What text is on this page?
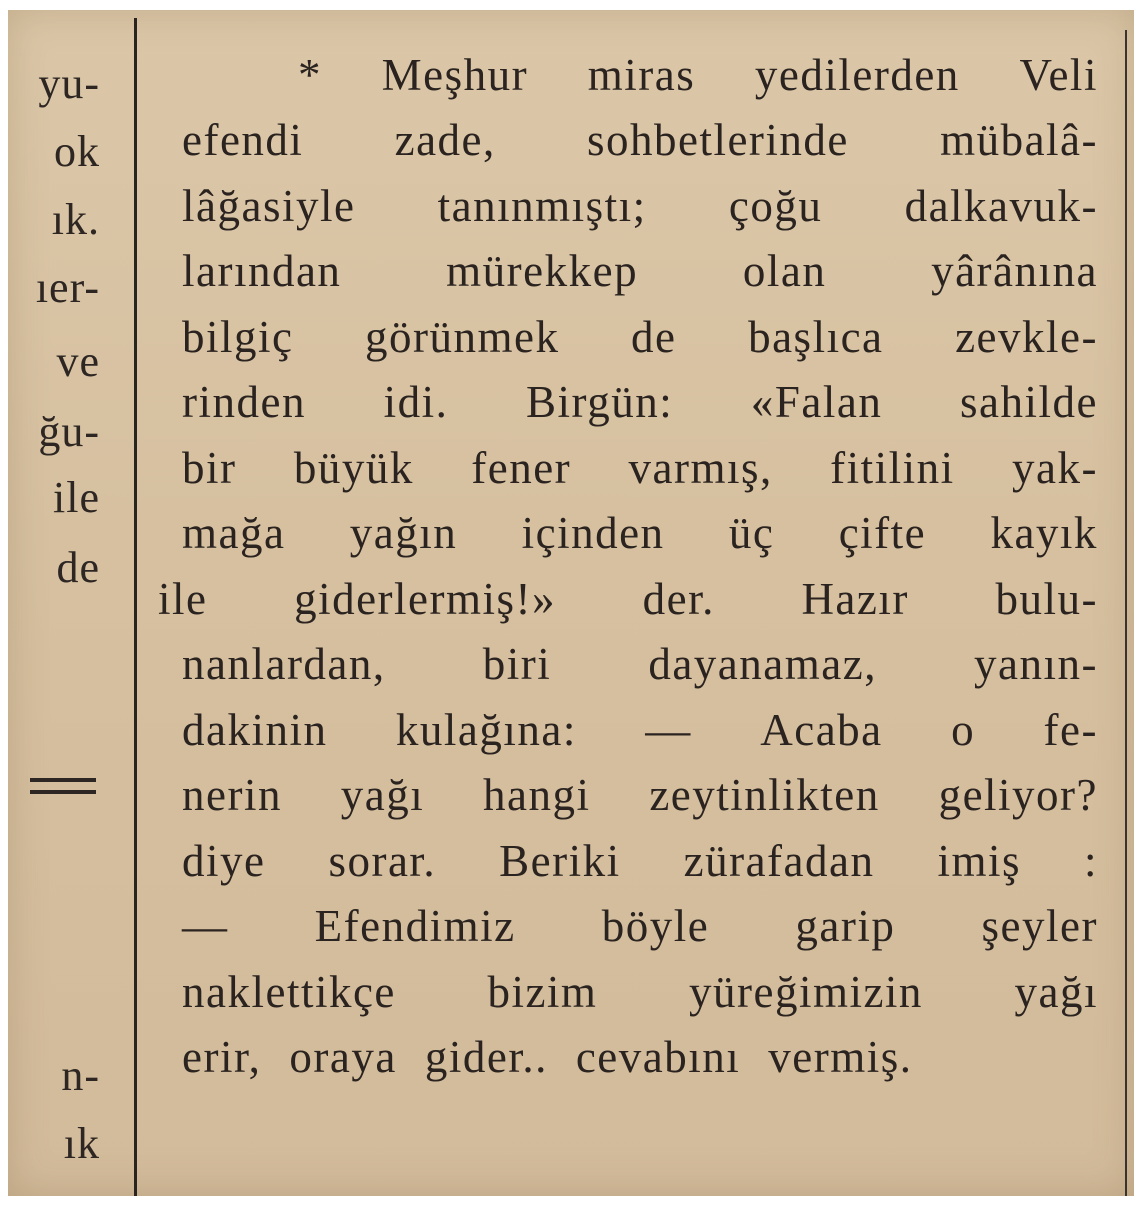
yu-
ok
ık.
ıer-
ve
ğu-
ile
de
n-
ık
* Meşhur miras yedilerden Veli
efendi zade, sohbetlerinde mübalâ-
lâğasiyle tanınmıştı; çoğu dalkavuk-
larından mürekkep olan yârânına
bilgiç görünmek de başlıca zevkle-
rinden idi. Birgün: «Falan sahilde
bir büyük fener varmış, fitilini yak-
mağa yağın içinden üç çifte kayık
ile giderlermiş!» der. Hazır bulu-
nanlardan, biri dayanamaz, yanın-
dakinin kulağına: — Acaba o fe-
nerin yağı hangi zeytinlikten geliyor?
diye sorar. Beriki zürafadan imiş :
— Efendimiz böyle garip şeyler
naklettikçe bizim yüreğimizin yağı
erir, oraya gider.. cevabını vermiş.
